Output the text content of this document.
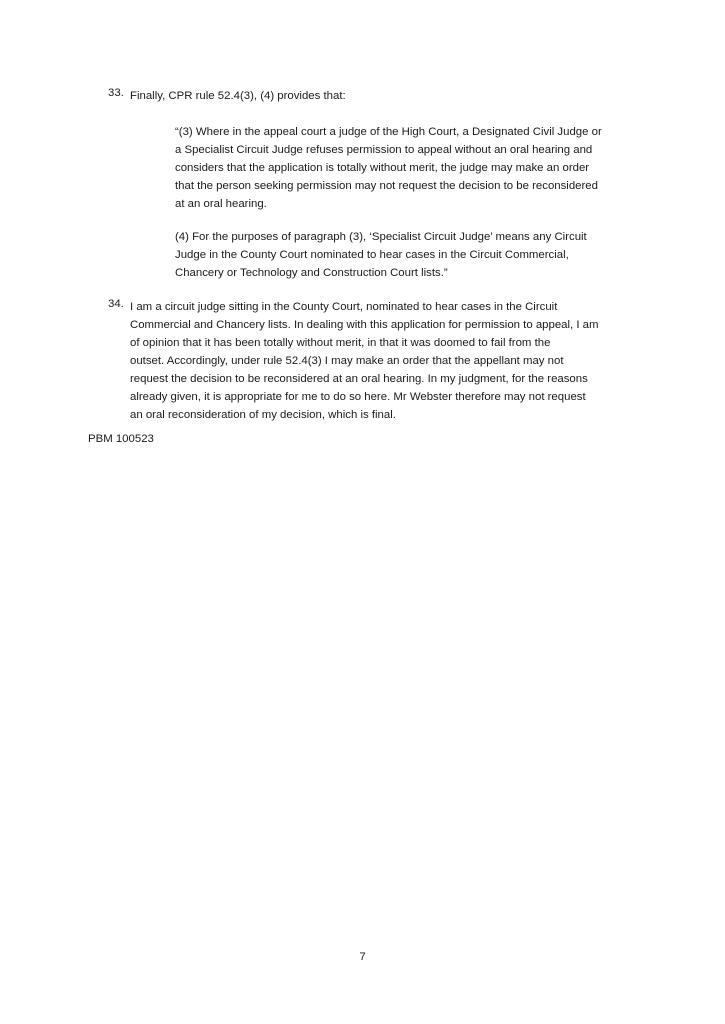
33. Finally, CPR rule 52.4(3), (4) provides that:
“(3) Where in the appeal court a judge of the High Court, a Designated Civil Judge or
a Specialist Circuit Judge refuses permission to appeal without an oral hearing and
considers that the application is totally without merit, the judge may make an order
that the person seeking permission may not request the decision to be reconsidered
at an oral hearing.
(4) For the purposes of paragraph (3), ‘Specialist Circuit Judge’ means any Circuit
Judge in the County Court nominated to hear cases in the Circuit Commercial,
Chancery or Technology and Construction Court lists.”
34. I am a circuit judge sitting in the County Court, nominated to hear cases in the Circuit
Commercial and Chancery lists. In dealing with this application for permission to appeal, I am
of opinion that it has been totally without merit, in that it was doomed to fail from the
outset. Accordingly, under rule 52.4(3) I may make an order that the appellant may not
request the decision to be reconsidered at an oral hearing. In my judgment, for the reasons
already given, it is appropriate for me to do so here. Mr Webster therefore may not request
an oral reconsideration of my decision, which is final.
PBM 100523
7
